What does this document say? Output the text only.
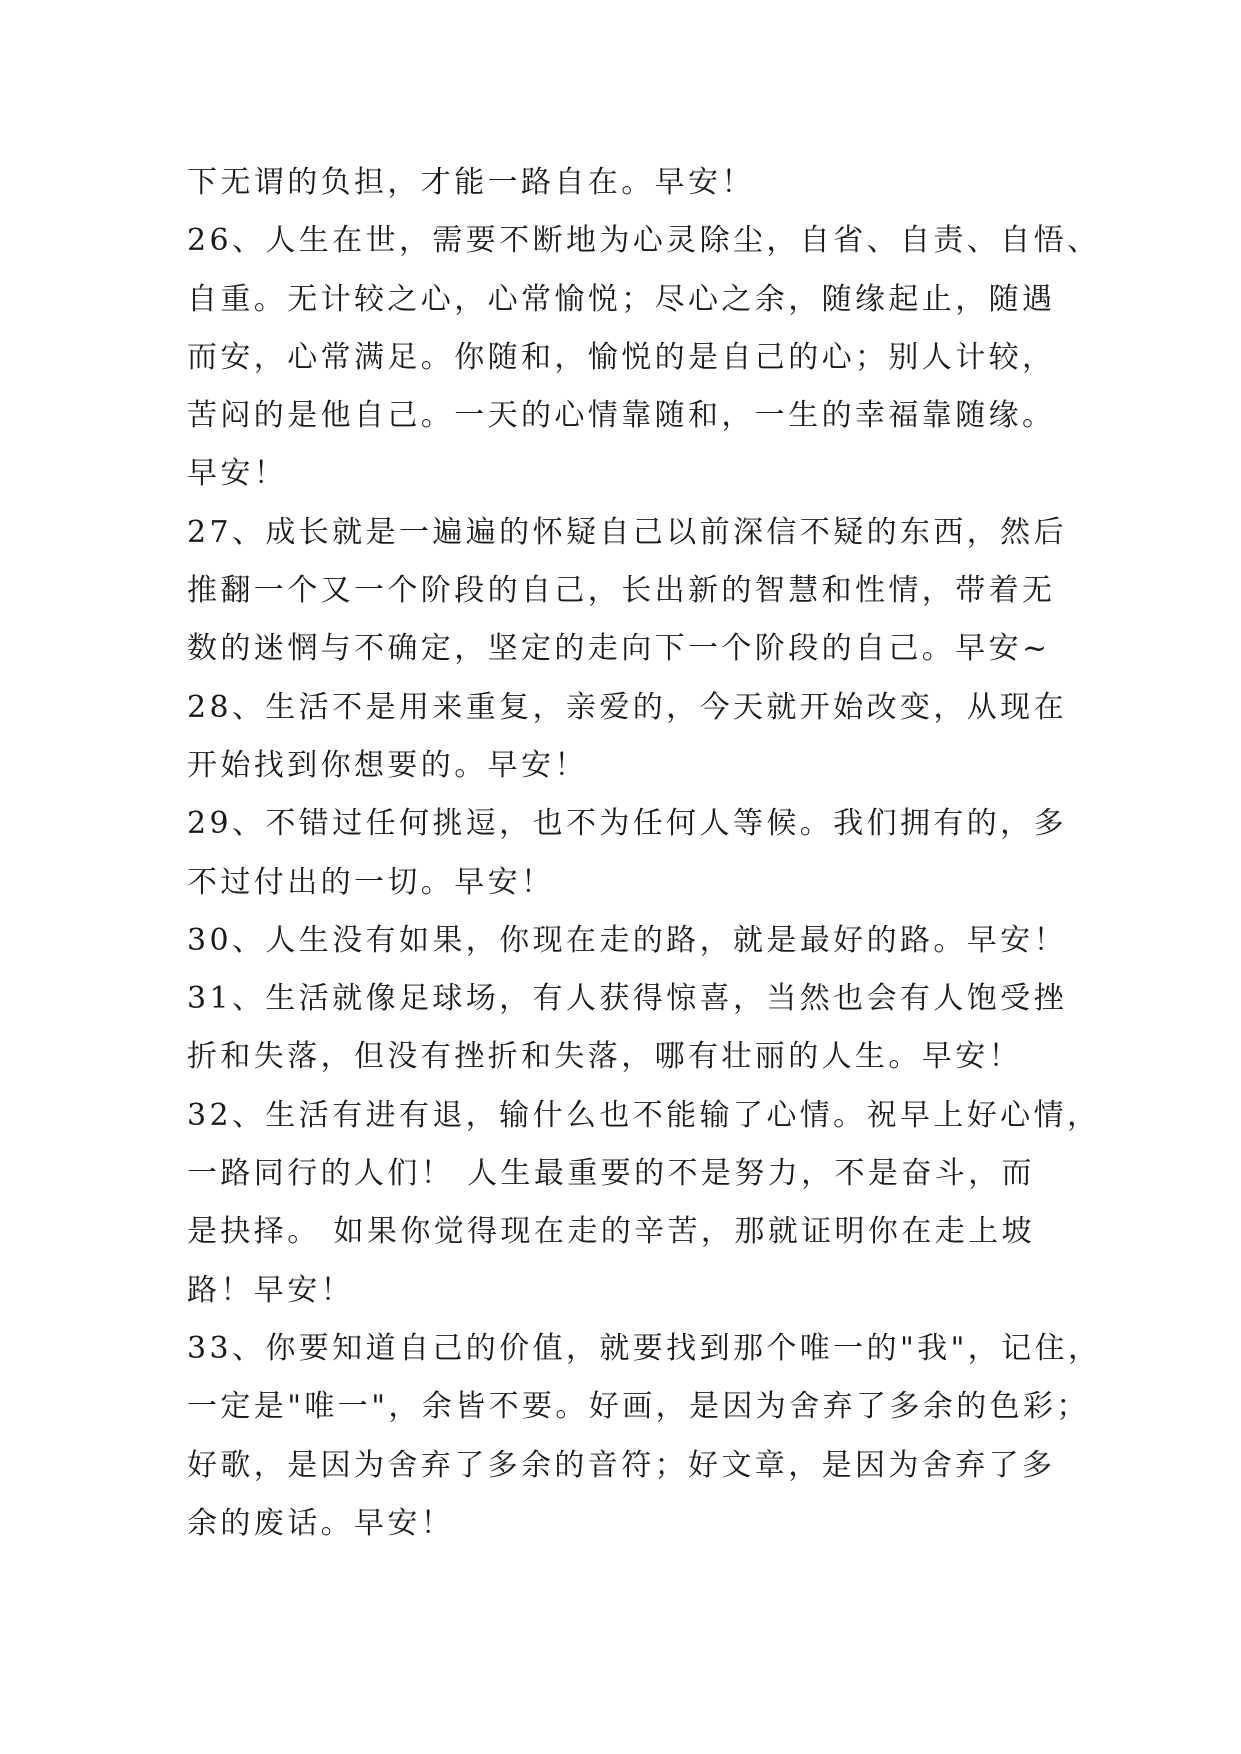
下无谓的负担，才能一路自在。早安！
26、人生在世，需要不断地为心灵除尘，自省、自责、自悟、
自重。无计较之心，心常愉悦；尽心之余，随缘起止，随遇
而安，心常满足。你随和，愉悦的是自己的心；别人计较，
苦闷的是他自己。一天的心情靠随和，一生的幸福靠随缘。
早安！
27、成长就是一遍遍的怀疑自己以前深信不疑的东西，然后
推翻一个又一个阶段的自己，长出新的智慧和性情，带着无
数的迷惘与不确定，坚定的走向下一个阶段的自己。早安~
28、生活不是用来重复，亲爱的，今天就开始改变，从现在
开始找到你想要的。早安！
29、不错过任何挑逗，也不为任何人等候。我们拥有的，多
不过付出的一切。早安！
30、人生没有如果，你现在走的路，就是最好的路。早安！
31、生活就像足球场，有人获得惊喜，当然也会有人饱受挫
折和失落，但没有挫折和失落，哪有壮丽的人生。早安！
32、生活有进有退，输什么也不能输了心情。祝早上好心情，
一路同行的人们！ 人生最重要的不是努力，不是奋斗，而
是抉择。 如果你觉得现在走的辛苦，那就证明你在走上坡
路！早安！
33、你要知道自己的价值，就要找到那个唯一的"我"，记住，
一定是"唯一"，余皆不要。好画，是因为舍弃了多余的色彩；
好歌，是因为舍弃了多余的音符；好文章，是因为舍弃了多
余的废话。早安！
